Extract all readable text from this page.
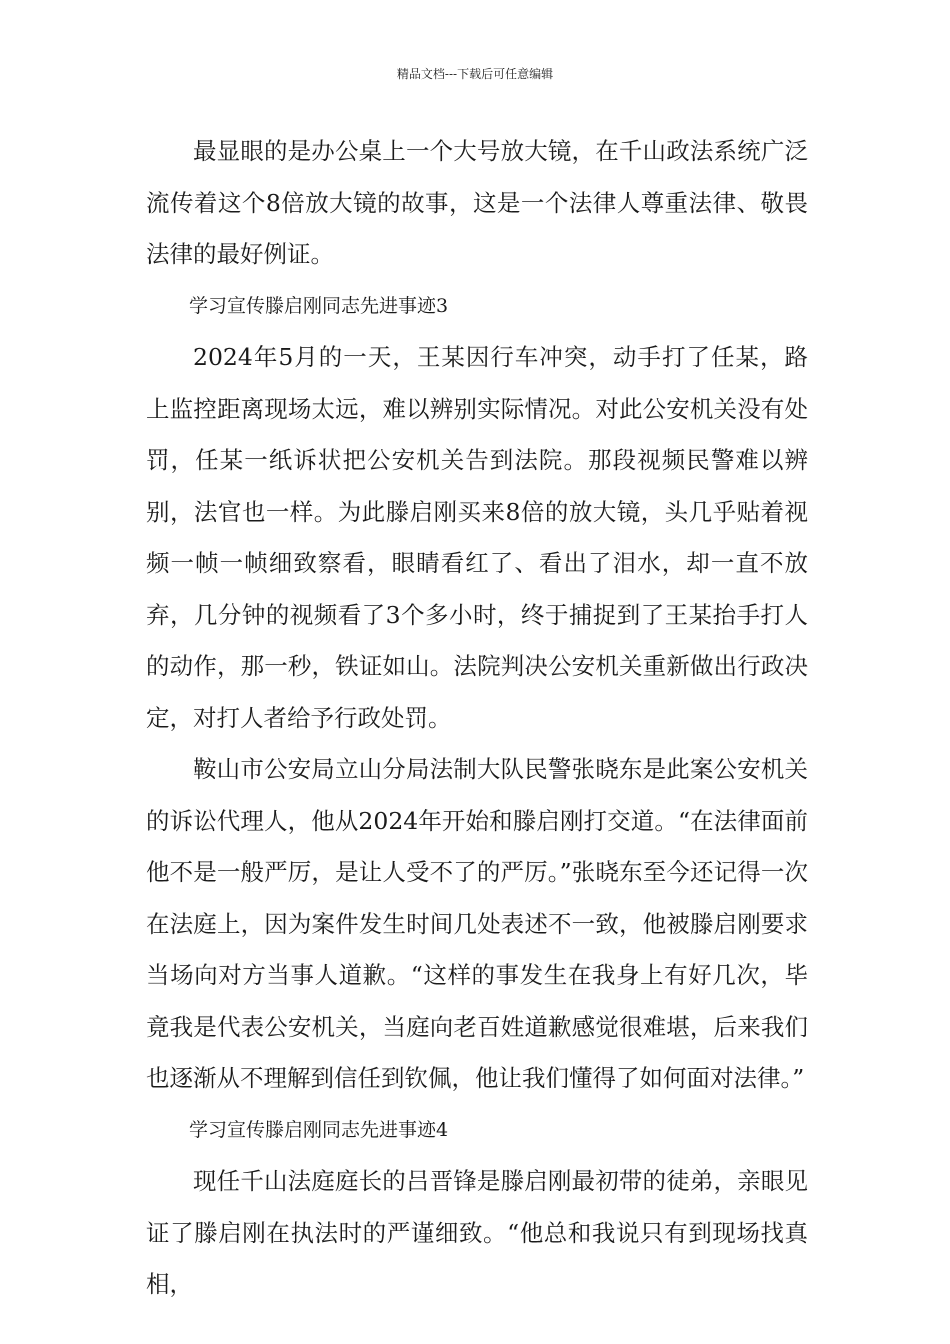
精品文档---下载后可任意编辑

最显眼的是办公桌上一个大号放大镜，在千山政法系统广泛流传着这个8倍放大镜的故事，这是一个法律人尊重法律、敬畏法律的最好例证。

学习宣传滕启刚同志先进事迹3

2024年5月的一天，王某因行车冲突，动手打了任某，路上监控距离现场太远，难以辨别实际情况。对此公安机关没有处罚，任某一纸诉状把公安机关告到法院。那段视频民警难以辨别，法官也一样。为此滕启刚买来8倍的放大镜，头几乎贴着视频一帧一帧细致察看，眼睛看红了、看出了泪水，却一直不放弃，几分钟的视频看了3个多小时，终于捕捉到了王某抬手打人的动作，那一秒，铁证如山。法院判决公安机关重新做出行政决定，对打人者给予行政处罚。

鞍山市公安局立山分局法制大队民警张晓东是此案公安机关的诉讼代理人，他从2024年开始和滕启刚打交道。“在法律面前他不是一般严厉，是让人受不了的严厉。”张晓东至今还记得一次在法庭上，因为案件发生时间几处表述不一致，他被滕启刚要求当场向对方当事人道歉。“这样的事发生在我身上有好几次，毕竟我是代表公安机关，当庭向老百姓道歉感觉很难堪，后来我们也逐渐从不理解到信任到钦佩，他让我们懂得了如何面对法律。”

学习宣传滕启刚同志先进事迹4

现任千山法庭庭长的吕晋锋是滕启刚最初带的徒弟，亲眼见证了滕启刚在执法时的严谨细致。“他总和我说只有到现场找真相，
